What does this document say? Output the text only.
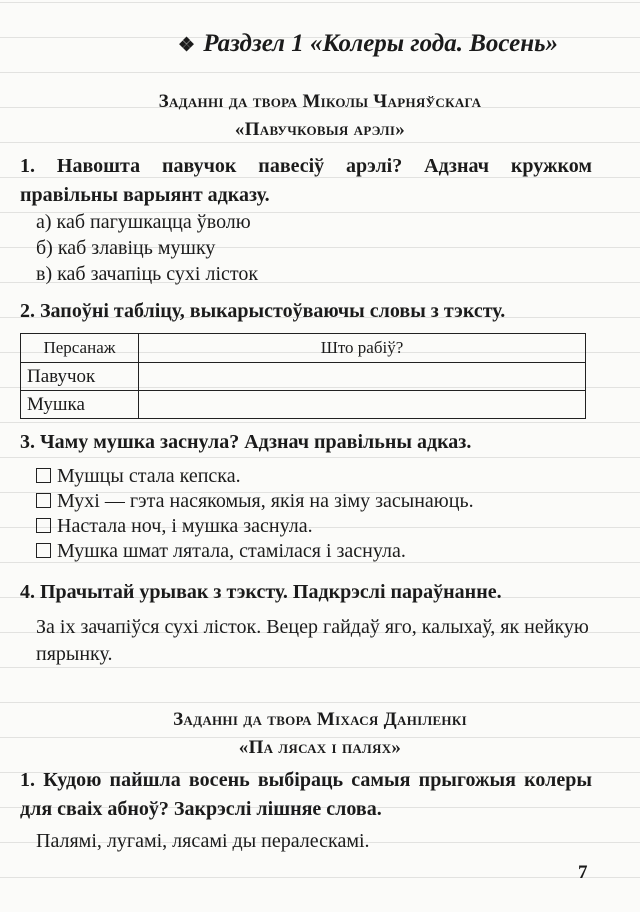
❖ Раздзел 1 «Колеры года. Восень»
Заданні да твора Міколы Чарняўскага
«Павучковыя арэлі»
1. Навошта павучок павесіў арэлі? Адзнач кружком правільны варыянт адказу.
а) каб пагушкацца ўволю
б) каб злавіць мушку
в) каб зачапіць сухі лісток
2. Запоўні табліцу, выкарыстоўваючы словы з тэксту.
Персанаж	Што рабіў?
Павучок	
Мушка	
3. Чаму мушка заснула? Адзнач правільны адказ.
Мушцы стала кепска.
Мухі — гэта насякомыя, якія на зіму засынаюць.
Настала ноч, і мушка заснула.
Мушка шмат лятала, стамілася і заснула.
4. Прачытай урывак з тэксту. Падкрэслі параўнанне.
За іх зачапіўся сухі лісток. Вецер гайдаў яго, калыхаў, як нейкую пярынку.
Заданні да твора Міхася Даніленкі
«Па лясах і палях»
1. Кудою пайшла восень выбіраць самыя прыгожыя колеры для сваіх абноў? Закрэслі лішняе слова.
Палямі, лугамі, лясамі ды пералескамі.
7
